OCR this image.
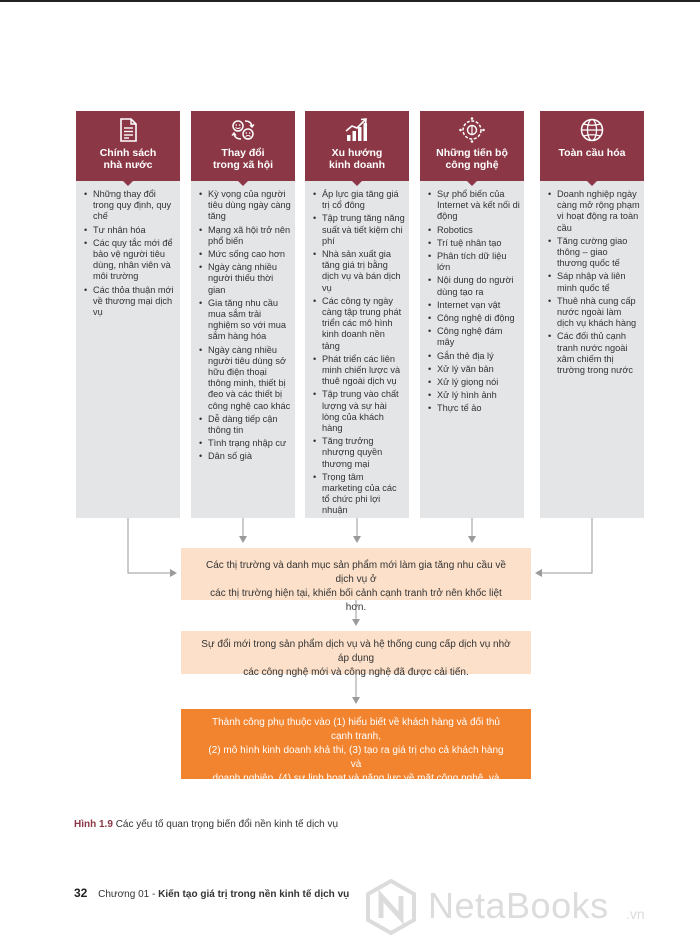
Chính sách
nhà nước
• Những thay đổi trong quy định, quy chế
• Tư nhân hóa
• Các quy tắc mới để bảo vệ người tiêu dùng, nhân viên và môi trường
• Các thỏa thuận mới về thương mại dịch vụ
Thay đổi
trong xã hội
• Kỳ vọng của người tiêu dùng ngày càng tăng
• Mạng xã hội trở nên phổ biến
• Mức sống cao hơn
• Ngày càng nhiều người thiếu thời gian
• Gia tăng nhu cầu mua sắm trải nghiệm so với mua sắm hàng hóa
• Ngày càng nhiều người tiêu dùng sở hữu điện thoại thông minh, thiết bị đeo và các thiết bị công nghệ cao khác
• Dễ dàng tiếp cận thông tin
• Tình trạng nhập cư
• Dân số già
Xu hướng
kinh doanh
• Áp lực gia tăng giá trị cổ đông
• Tập trung tăng năng suất và tiết kiệm chi phí
• Nhà sản xuất gia tăng giá trị bằng dịch vụ và bán dịch vụ
• Các công ty ngày càng tập trung phát triển các mô hình kinh doanh nền tảng
• Phát triển các liên minh chiến lược và thuê ngoài dịch vụ
• Tập trung vào chất lượng và sự hài lòng của khách hàng
• Tăng trưởng nhượng quyền thương mại
• Trọng tâm marketing của các tổ chức phi lợi nhuận
Những tiến bộ
công nghệ
• Sự phổ biến của Internet và kết nối di động
• Robotics
• Trí tuệ nhân tạo
• Phân tích dữ liệu lớn
• Nội dung do người dùng tạo ra
• Internet vạn vật
• Công nghệ di động
• Công nghệ đám mây
• Gắn thẻ địa lý
• Xử lý văn bản
• Xử lý giọng nói
• Xử lý hình ảnh
• Thực tế ảo
Toàn cầu hóa
• Doanh nghiệp ngày càng mở rộng phạm vi hoạt động ra toàn cầu
• Tăng cường giao thông – giao thương quốc tế
• Sáp nhập và liên minh quốc tế
• Thuê nhà cung cấp nước ngoài làm dịch vụ khách hàng
• Các đối thủ cạnh tranh nước ngoài xâm chiếm thị trường trong nước
Các thị trường và danh mục sản phẩm mới làm gia tăng nhu cầu về dịch vụ ở
các thị trường hiện tại, khiến bối cảnh cạnh tranh trở nên khốc liệt hơn.
Sự đổi mới trong sản phẩm dịch vụ và hệ thống cung cấp dịch vụ nhờ áp dụng
các công nghệ mới và công nghệ đã được cải tiến.
Thành công phụ thuộc vào (1) hiểu biết về khách hàng và đối thủ cạnh tranh,
(2) mô hình kinh doanh khả thi, (3) tạo ra giá trị cho cả khách hàng và
doanh nghiệp, (4) sự linh hoạt và năng lực về mặt công nghệ, và
(5) tăng cường tập trung vào marketing và quản lý dịch vụ.
Hình 1.9 Các yếu tố quan trọng biến đổi nền kinh tế dịch vụ
32 Chương 01 - Kiến tạo giá trị trong nền kinh tế dịch vụ NetaBooks .vn
